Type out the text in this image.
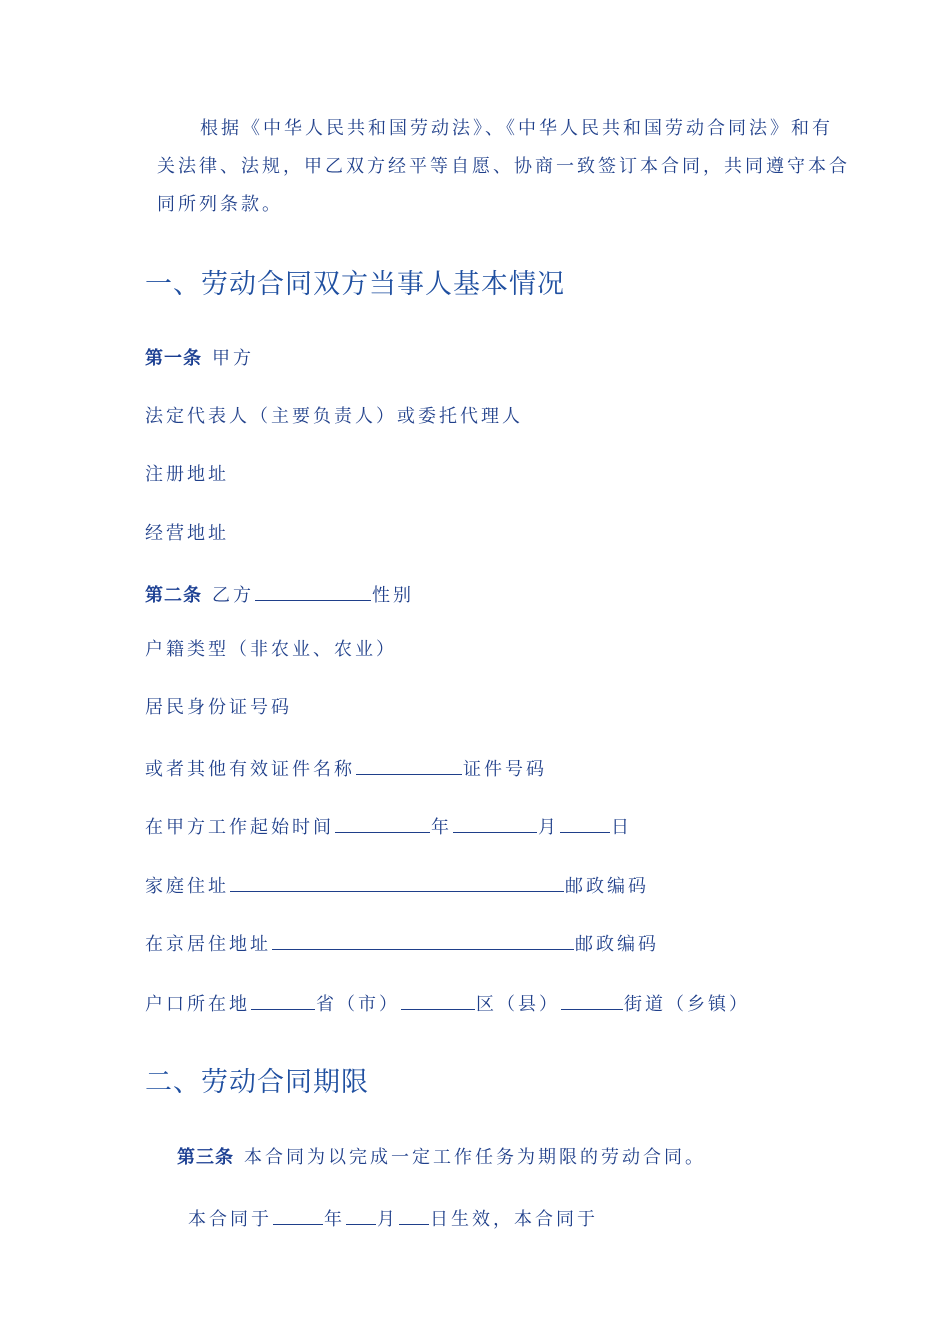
根据《中华人民共和国劳动法》、《中华人民共和国劳动合同法》和有
关法律、法规，甲乙双方经平等自愿、协商一致签订本合同，共同遵守本合
同所列条款。
一、劳动合同双方当事人基本情况
第一条 甲方
法定代表人（主要负责人）或委托代理人
注册地址
经营地址
第二条 乙方	性别
户籍类型（非农业、农业）
居民身份证号码
或者其他有效证件名称	证件号码
在甲方工作起始时间	年	月	日
家庭住址	邮政编码
在京居住地址	邮政编码
户口所在地	省（市）	区（县）	街道（乡镇）
二、劳动合同期限
第三条 本合同为以完成一定工作任务为期限的劳动合同。
本合同于	年 月 日生效，本合同于
